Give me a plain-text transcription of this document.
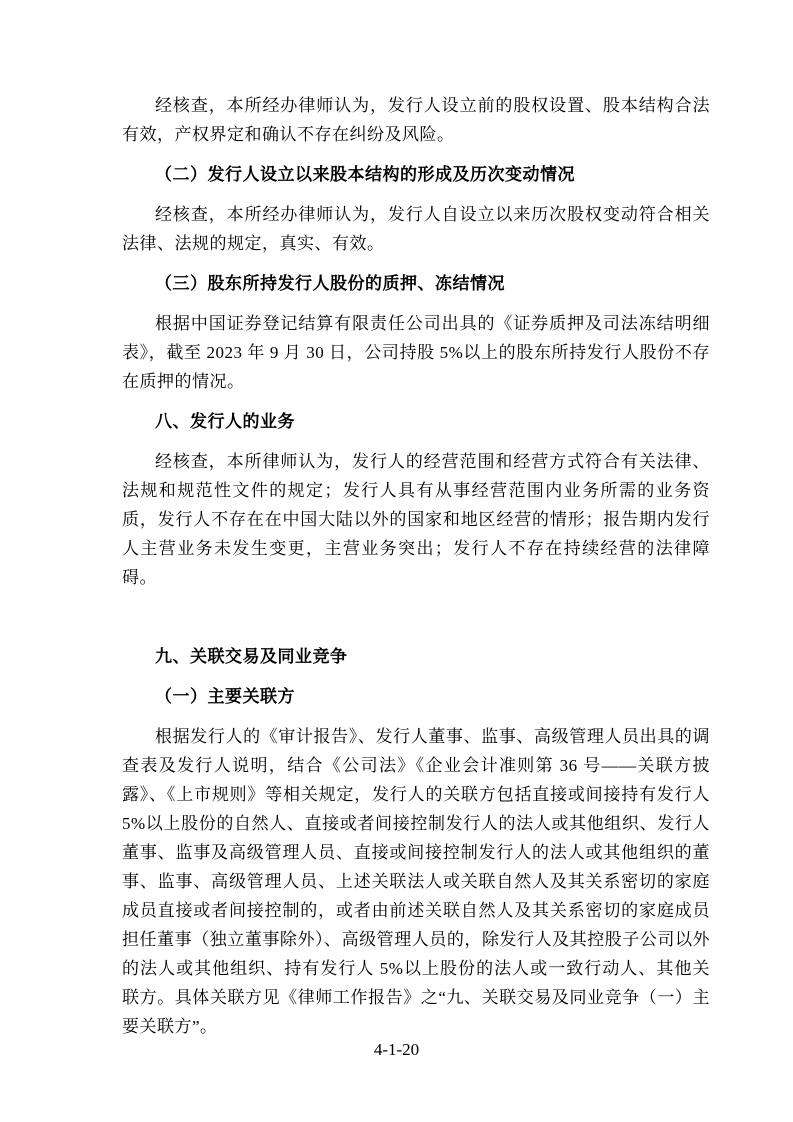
经核查，本所经办律师认为，发行人设立前的股权设置、股本结构合法有效，产权界定和确认不存在纠纷及风险。

（二）发行人设立以来股本结构的形成及历次变动情况

经核查，本所经办律师认为，发行人自设立以来历次股权变动符合相关法律、法规的规定，真实、有效。

（三）股东所持发行人股份的质押、冻结情况

根据中国证券登记结算有限责任公司出具的《证券质押及司法冻结明细表》，截至 2023 年 9 月 30 日，公司持股 5%以上的股东所持发行人股份不存在质押的情况。

八、发行人的业务

经核查，本所律师认为，发行人的经营范围和经营方式符合有关法律、法规和规范性文件的规定；发行人具有从事经营范围内业务所需的业务资质，发行人不存在在中国大陆以外的国家和地区经营的情形；报告期内发行人主营业务未发生变更，主营业务突出；发行人不存在持续经营的法律障碍。

九、关联交易及同业竞争
（一）主要关联方

根据发行人的《审计报告》、发行人董事、监事、高级管理人员出具的调查表及发行人说明，结合《公司法》《企业会计准则第 36 号——关联方披露》、《上市规则》等相关规定，发行人的关联方包括直接或间接持有发行人 5%以上股份的自然人、直接或者间接控制发行人的法人或其他组织、发行人董事、监事及高级管理人员、直接或间接控制发行人的法人或其他组织的董事、监事、高级管理人员、上述关联法人或关联自然人及其关系密切的家庭成员直接或者间接控制的，或者由前述关联自然人及其关系密切的家庭成员担任董事（独立董事除外）、高级管理人员的，除发行人及其控股子公司以外的法人或其他组织、持有发行人 5%以上股份的法人或一致行动人、其他关联方。具体关联方见《律师工作报告》之“九、关联交易及同业竞争（一）主要关联方”。

4-1-20
